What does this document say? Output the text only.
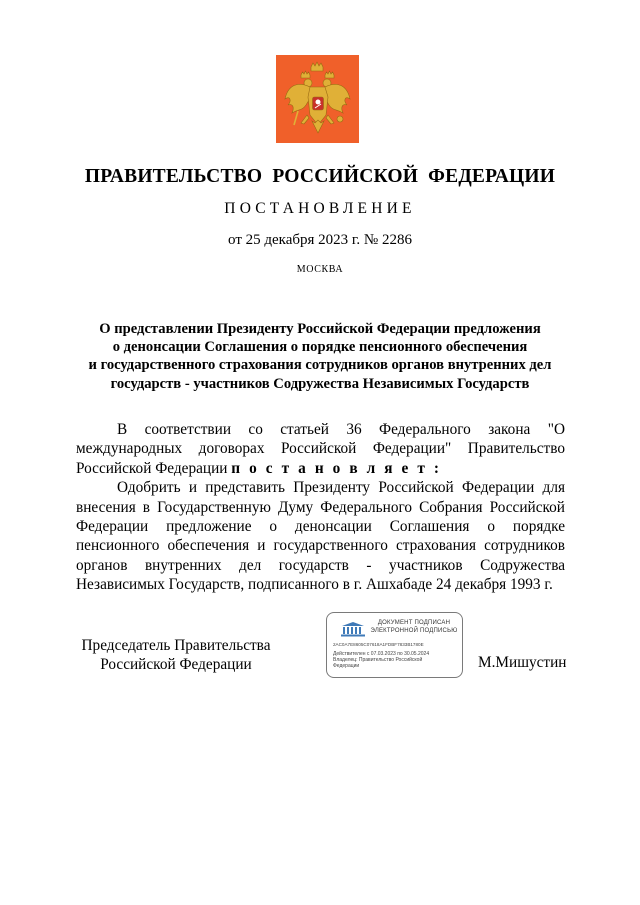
ПРАВИТЕЛЬСТВО РОССИЙСКОЙ ФЕДЕРАЦИИ
ПОСТАНОВЛЕНИЕ
от 25 декабря 2023 г. № 2286
МОСКВА
О представлении Президенту Российской Федерации предложения
о денонсации Соглашения о порядке пенсионного обеспечения
и государственного страхования сотрудников органов внутренних дел
государств - участников Содружества Независимых Государств

В соответствии со статьей 36 Федерального закона "О международных договорах Российской Федерации" Правительство Российской Федерации п о с т а н о в л я е т :

Одобрить и представить Президенту Российской Федерации для внесения в Государственную Думу Федерального Собрания Российской Федерации предложение о денонсации Соглашения о порядке пенсионного обеспечения и государственного страхования сотрудников органов внутренних дел государств - участников Содружества Независимых Государств, подписанного в г. Ашхабаде 24 декабря 1993 г.

Председатель Правительства
Российской Федерации
ДОКУМЕНТ ПОДПИСАН
ЭЛЕКТРОННОЙ ПОДПИСЬЮ
2AC0A7E8605C07618A1FDBF7833B1780E
Действителен с 07.03.2023 по 30.05.2024
Владелец: Правительство Российской
Федерации	М.Мишустин
